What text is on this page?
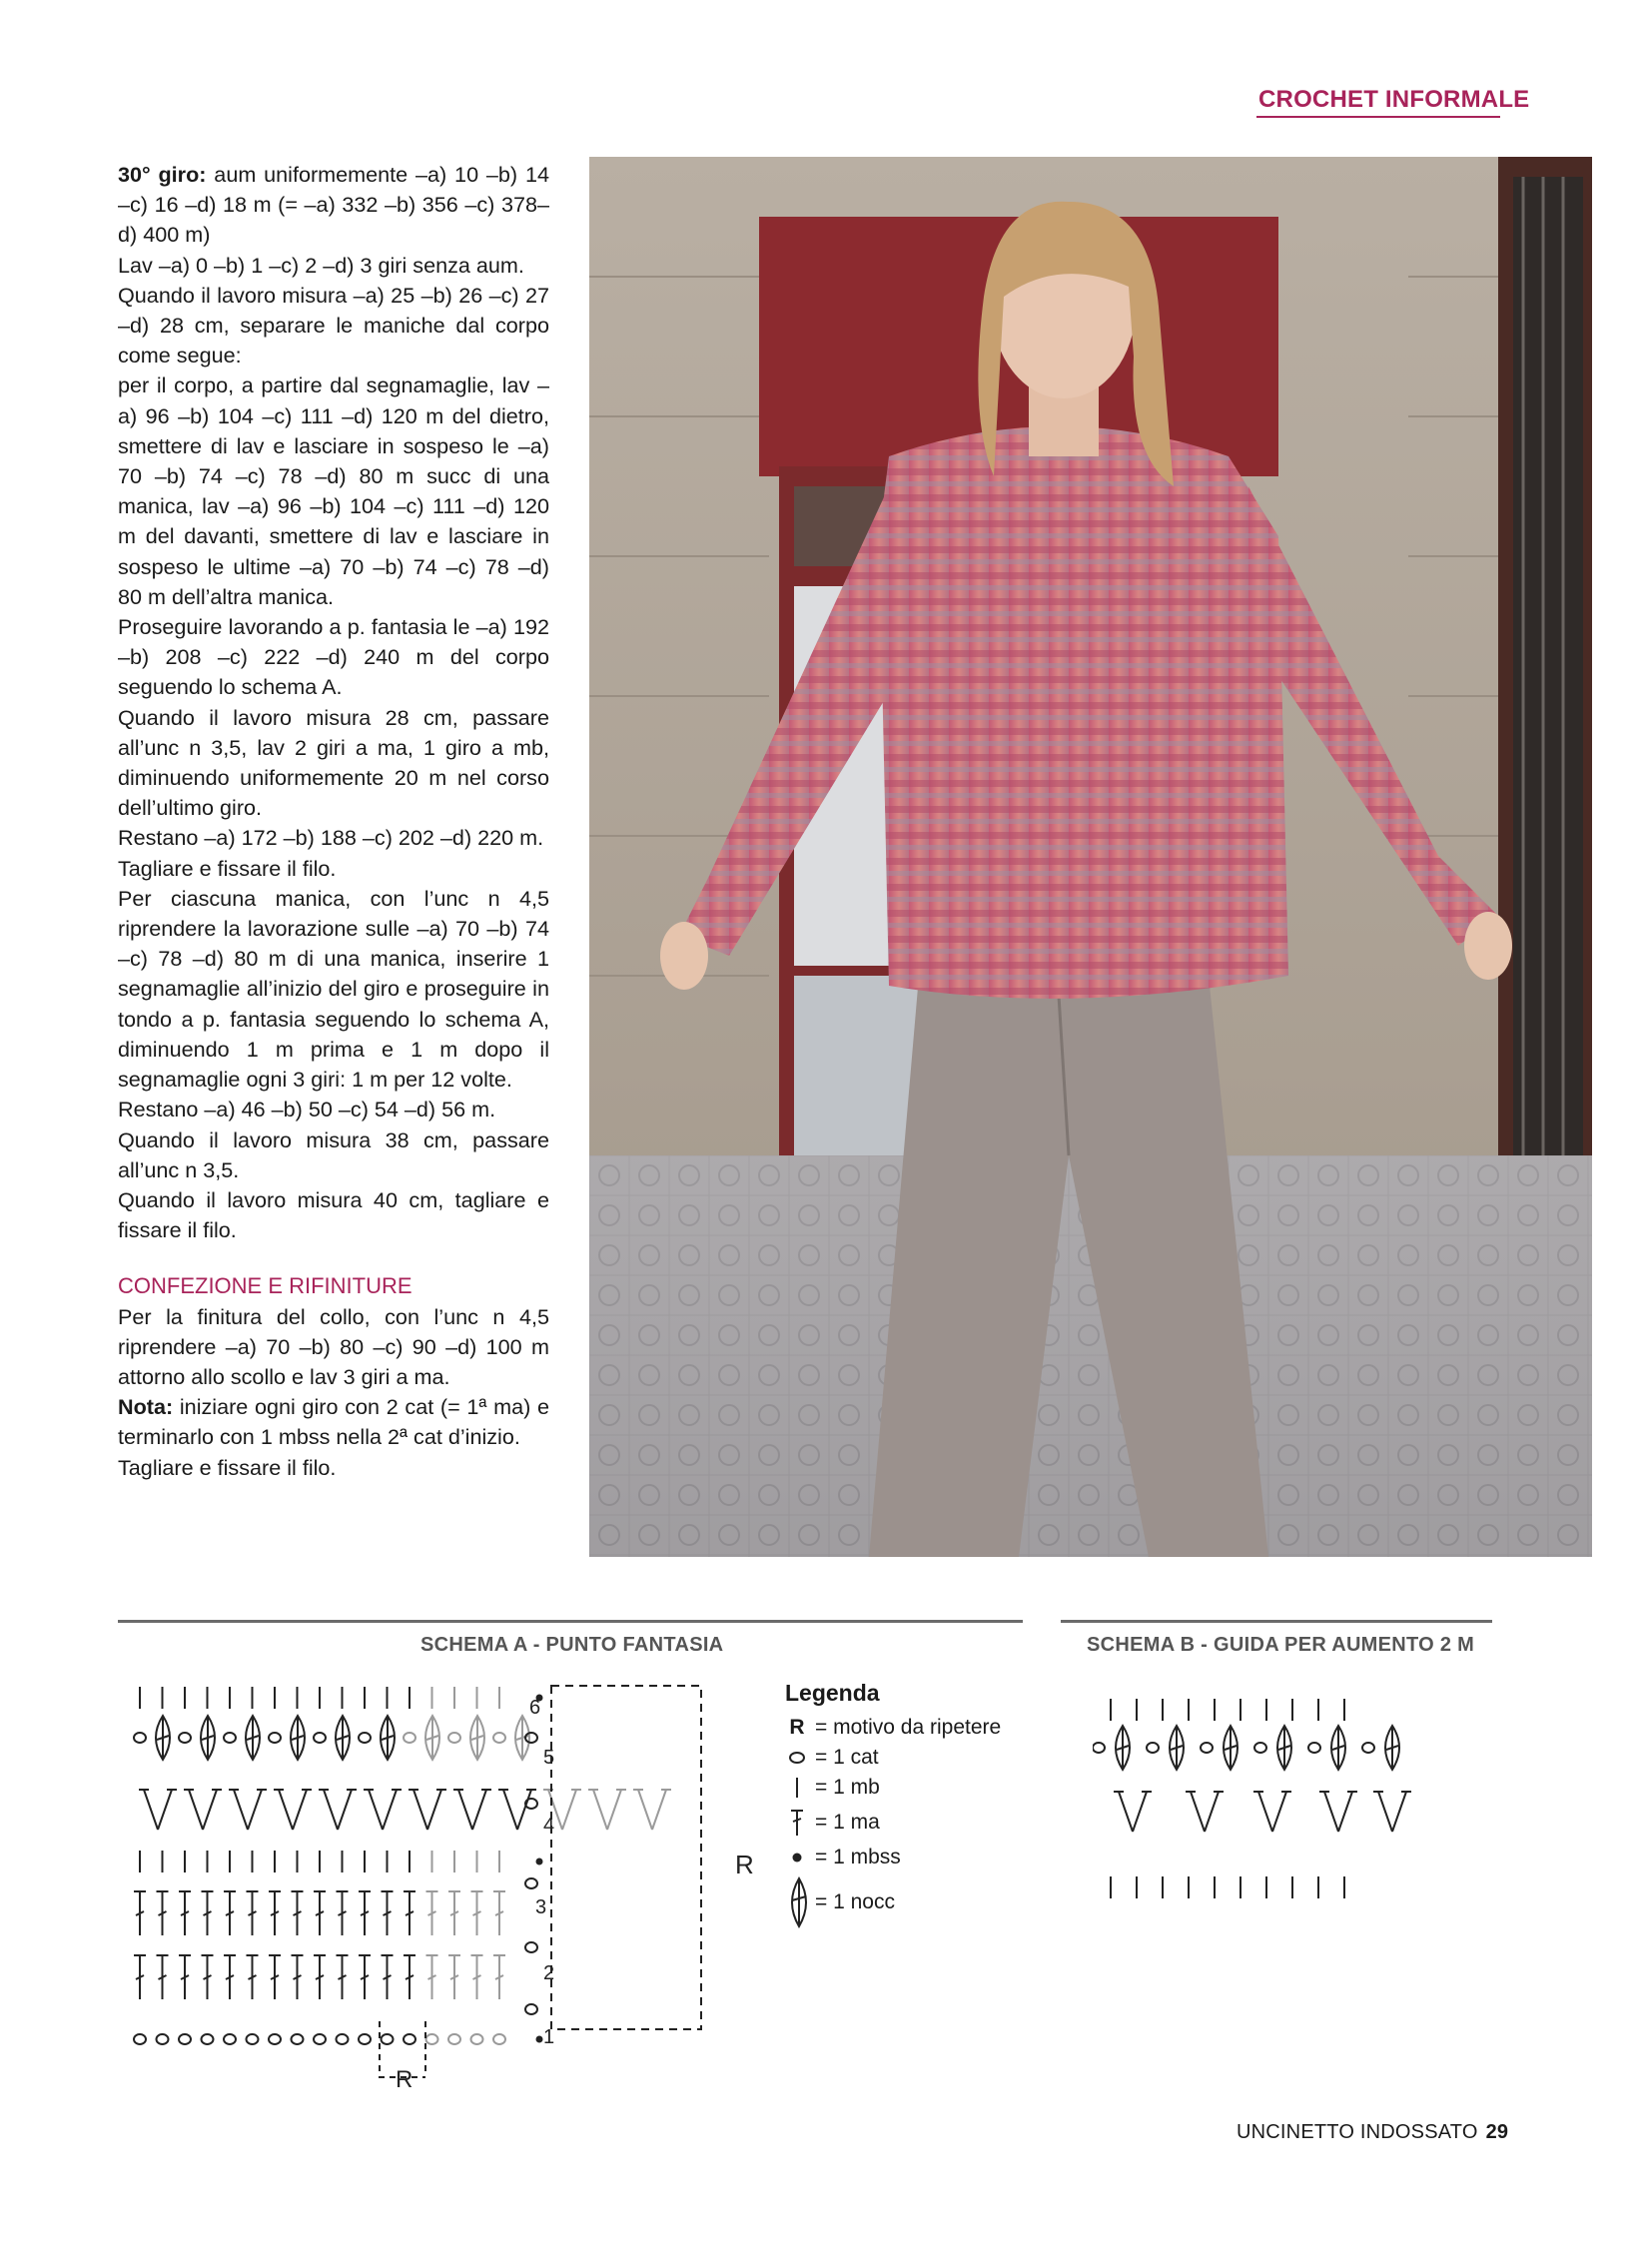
CROCHET INFORMALE

30° giro: aum uniformemente –a) 10 –b) 14 –c) 16 –d) 18 m (= –a) 332 –b) 356 –c) 378–d) 400 m)

Lav –a) 0 –b) 1 –c) 2 –d) 3 giri senza aum.

Quando il lavoro misura –a) 25 –b) 26 –c) 27 –d) 28 cm, separare le maniche dal corpo come segue:

per il corpo, a partire dal segnamaglie, lav –a) 96 –b) 104 –c) 111 –d) 120 m del dietro, smettere di lav e lasciare in sospeso le –a) 70 –b) 74 –c) 78 –d) 80 m succ di una manica, lav –a) 96 –b) 104 –c) 111 –d) 120 m del davanti, smettere di lav e lasciare in sospeso le ultime –a) 70 –b) 74 –c) 78 –d) 80 m dell’altra manica.

Proseguire lavorando a p. fantasia le –a) 192 –b) 208 –c) 222 –d) 240 m del corpo seguendo lo schema A.

Quando il lavoro misura 28 cm, passare all’unc n 3,5, lav 2 giri a ma, 1 giro a mb, diminuendo uniformemente 20 m nel corso dell’ultimo giro.

Restano –a) 172 –b) 188 –c) 202 –d) 220 m.

Tagliare e fissare il filo.

Per ciascuna manica, con l’unc n 4,5 riprendere la lavorazione sulle –a) 70 –b) 74 –c) 78 –d) 80 m di una manica, inserire 1 segnamaglie all’inizio del giro e proseguire in tondo a p. fantasia seguendo lo schema A, diminuendo 1 m prima e 1 m dopo il segnamaglie ogni 3 giri: 1 m per 12 volte.

Restano –a) 46 –b) 50 –c) 54 –d) 56 m.

Quando il lavoro misura 38 cm, passare all’unc n 3,5.

Quando il lavoro misura 40 cm, tagliare e fissare il filo.

CONFEZIONE E RIFINITURE

Per la finitura del collo, con l’unc n 4,5 riprendere –a) 70 –b) 80 –c) 90 –d) 100 m attorno allo scollo e lav 3 giri a ma.

Nota: iniziare ogni giro con 2 cat (= 1ª ma) e terminarlo con 1 mbss nella 2ª cat d’inizio.

Tagliare e fissare il filo.

SCHEMA A - PUNTO FANTASIA	SCHEMA B - GUIDA PER AUMENTO 2 M
6
5
4
3
2
1
R
R
Legenda
R = motivo da ripetere
= 1 cat
= 1 mb
= 1 ma
= 1 mbss
= 1 nocc
UNCINETTO INDOSSATO 29
